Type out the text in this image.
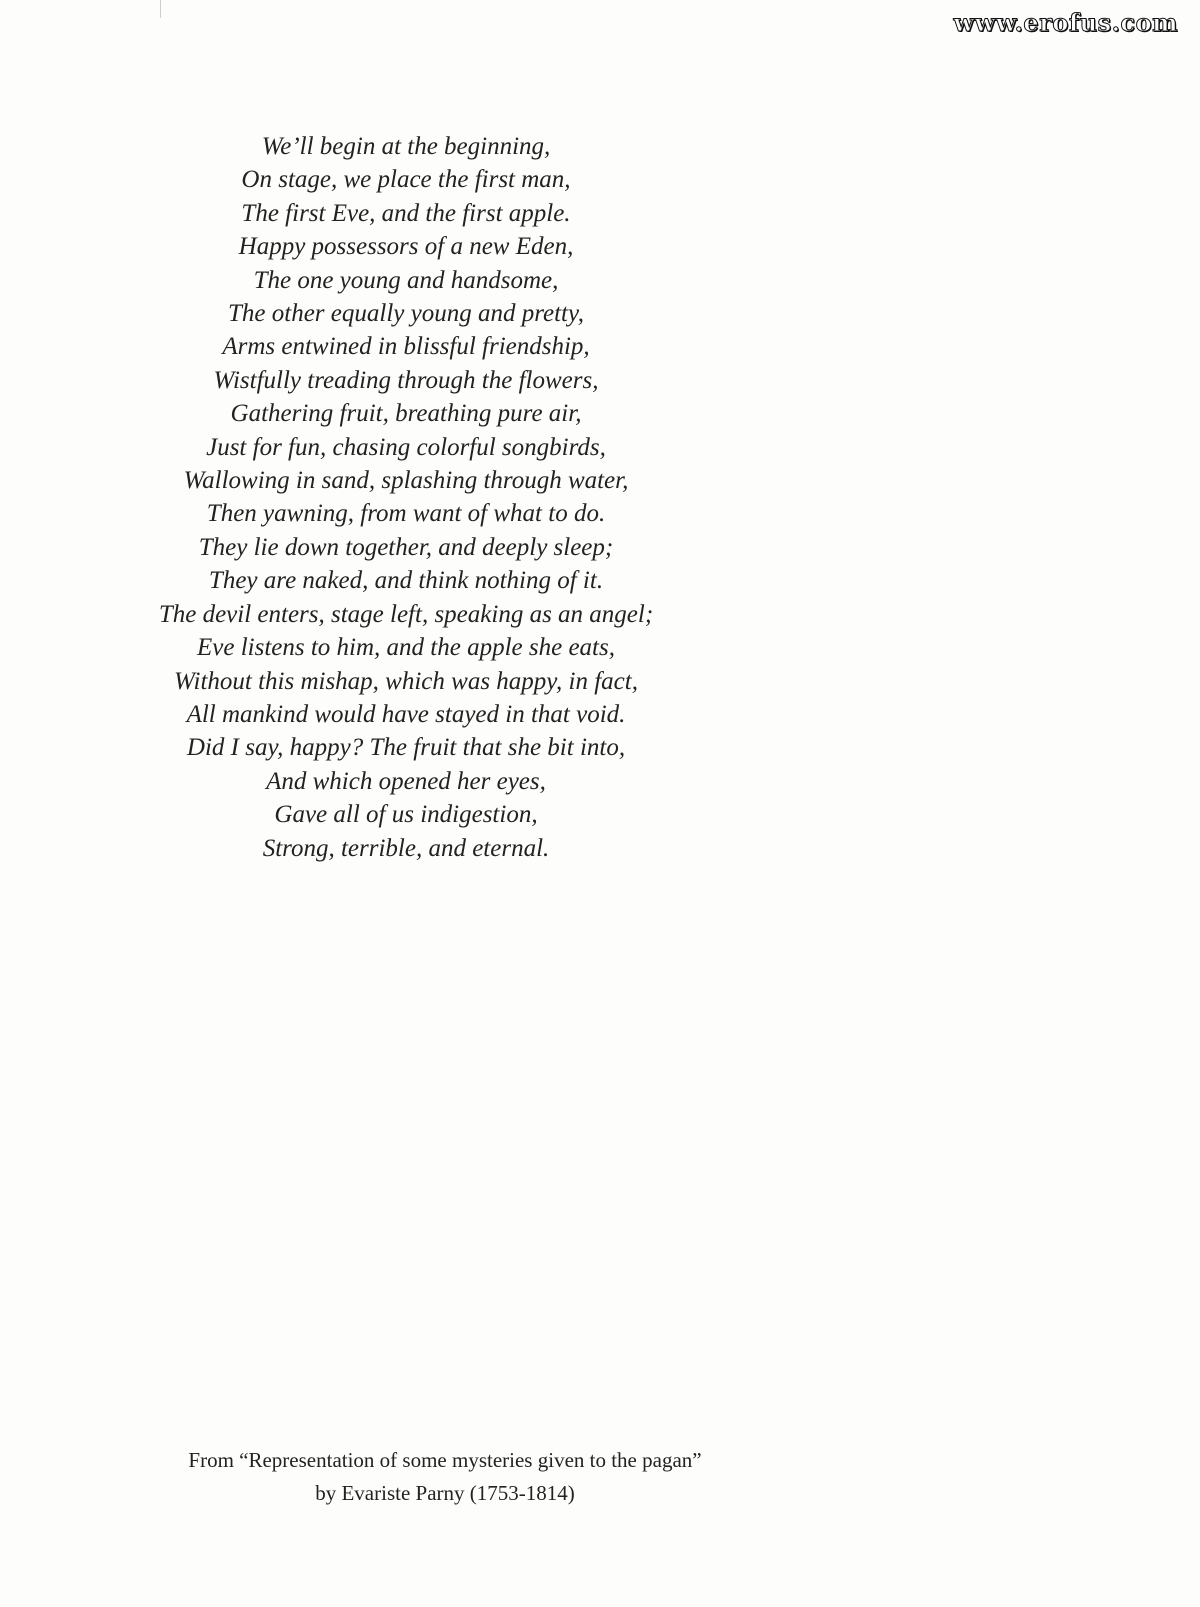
www.erofus.com
We’ll begin at the beginning,
On stage, we place the first man,
The first Eve, and the first apple.
Happy possessors of a new Eden,
The one young and handsome,
The other equally young and pretty,
Arms entwined in blissful friendship,
Wistfully treading through the flowers,
Gathering fruit, breathing pure air,
Just for fun, chasing colorful songbirds,
Wallowing in sand, splashing through water,
Then yawning, from want of what to do.
They lie down together, and deeply sleep;
They are naked, and think nothing of it.
The devil enters, stage left, speaking as an angel;
Eve listens to him, and the apple she eats,
Without this mishap, which was happy, in fact,
All mankind would have stayed in that void.
Did I say, happy? The fruit that she bit into,
And which opened her eyes,
Gave all of us indigestion,
Strong, terrible, and eternal.
From “Representation of some mysteries given to the pagan”
by Evariste Parny (1753-1814)
